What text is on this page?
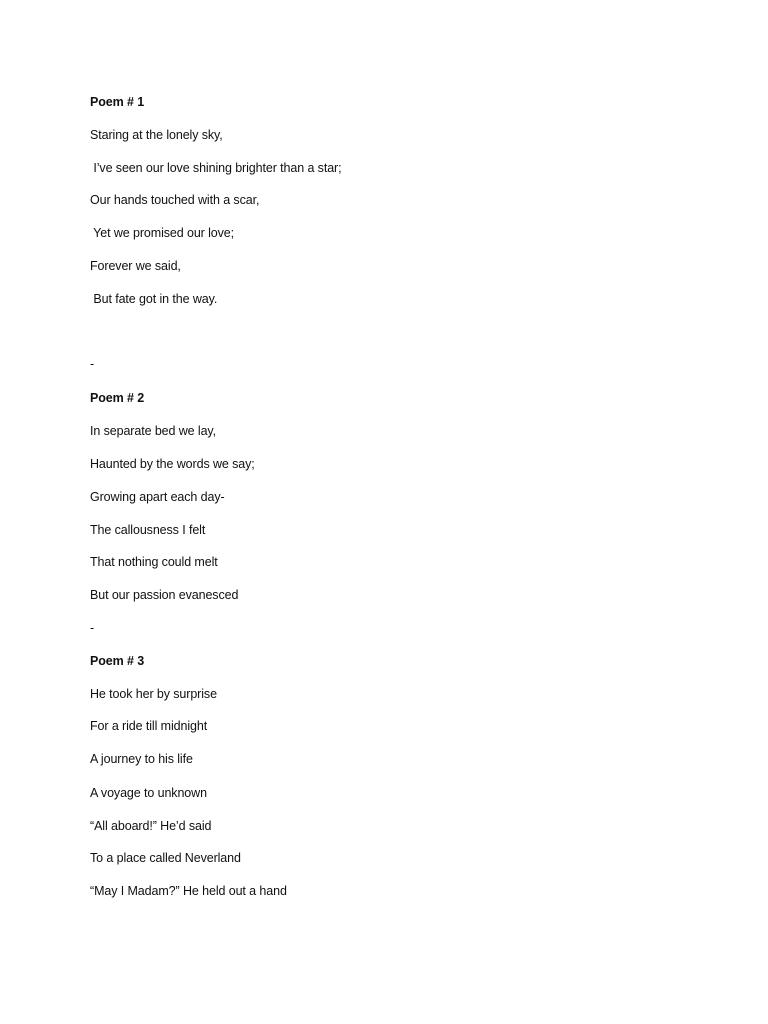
Poem # 1
Staring at the lonely sky,
I’ve seen our love shining brighter than a star;
Our hands touched with a scar,
Yet we promised our love;
Forever we said,
But fate got in the way.
-
Poem # 2
In separate bed we lay,
Haunted by the words we say;
Growing apart each day-
The callousness I felt
That nothing could melt
But our passion evanesced
-
Poem # 3
He took her by surprise
For a ride till midnight
A journey to his life
A voyage to unknown
“All aboard!” He’d said
To a place called Neverland
“May I Madam?” He held out a hand
